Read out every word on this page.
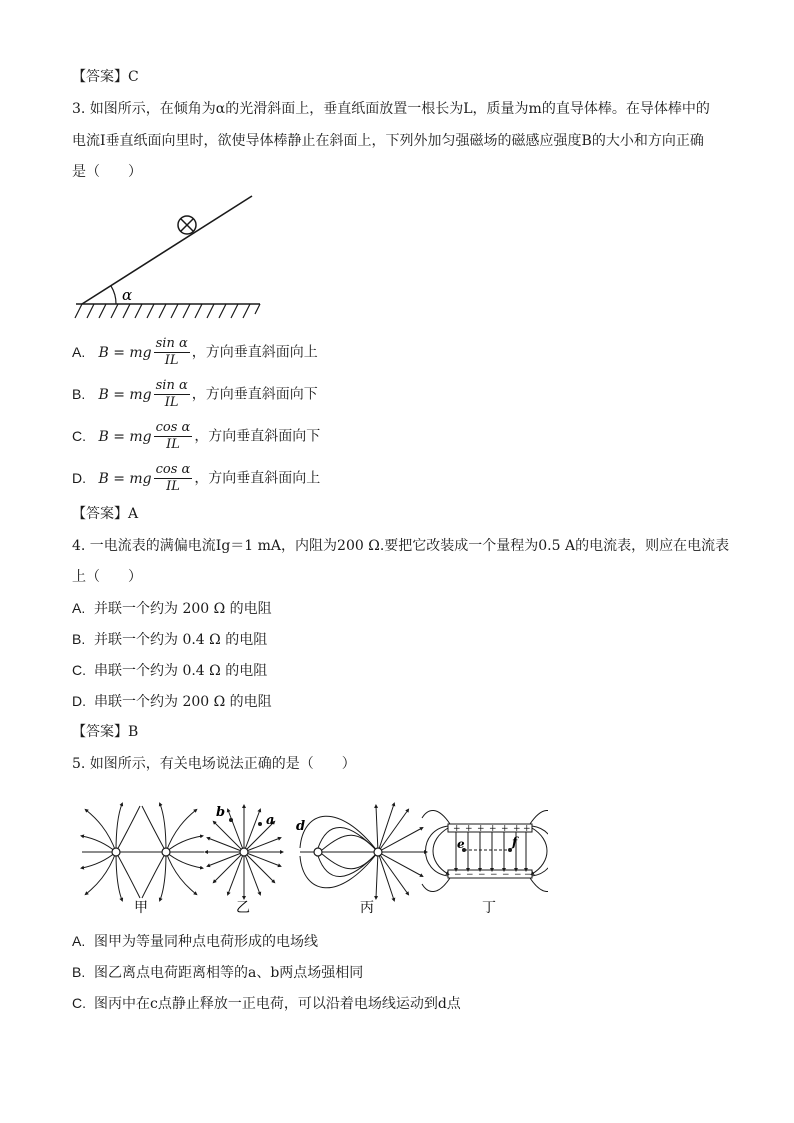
【答案】C
3. 如图所示，在倾角为α的光滑斜面上，垂直纸面放置一根长为L，质量为m的直导体棒。在导体棒中的
电流I垂直纸面向里时，欲使导体棒静止在斜面上，下列外加匀强磁场的磁感应强度B的大小和方向正确
是（　　）
α
A. B = mg $\frac{\text{sin α}}{IL}$ ，方向垂直斜面向上
B. B = mg $\frac{\text{sin α}}{IL}$ ，方向垂直斜面向下
C. B = mg $\frac{\text{cos α}}{IL}$ ，方向垂直斜面向下
D. B = mg $\frac{\text{cos α}}{IL}$ ，方向垂直斜面向上
【答案】A
4. 一电流表的满偏电流Ig＝1 mA，内阻为200 Ω.要把它改装成一个量程为0.5 A的电流表，则应在电流表
上（　　）
A. 并联一个约为 200 Ω 的电阻
B. 并联一个约为 0.4 Ω 的电阻
C. 串联一个约为 0.4 Ω 的电阻
D. 串联一个约为 200 Ω 的电阻
【答案】B
5. 如图所示，有关电场说法正确的是（　　）
甲
b
a
乙
d
丙
+ + + + + + +
− − − − − − −
e	f
丁
A. 图甲为等量同种点电荷形成的电场线
B. 图乙离点电荷距离相等的a、b两点场强相同
C. 图丙中在c点静止释放一正电荷，可以沿着电场线运动到d点
